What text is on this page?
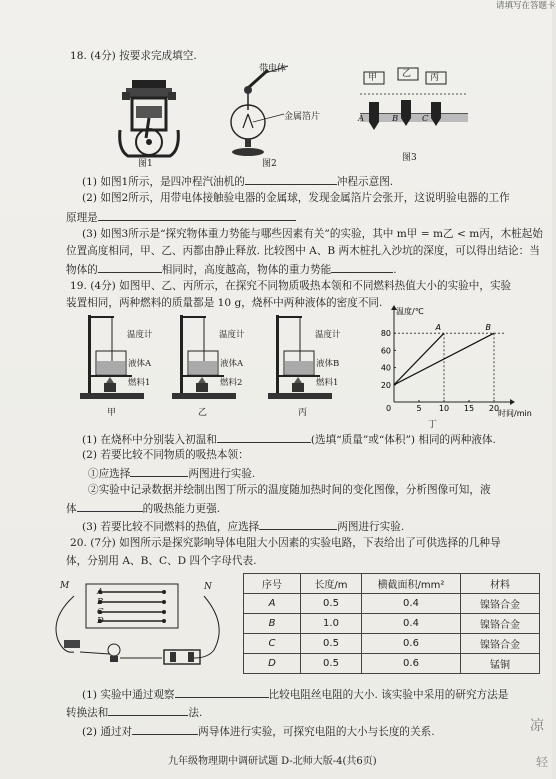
请填写在答题卡
18. (4分) 按要求完成填空.
图1
带电体
金属箔片
图2
甲	乙 丙
A	B	C
图3
(1) 如图1所示，是四冲程汽油机的	冲程示意图.
(2) 如图2所示，用带电体接触验电器的金属球，发现金属箔片会张开，这说明验电器的工作
原理是
(3) 如图3所示是“探究物体重力势能与哪些因素有关”的实验，其中 m甲 = m乙 < m丙，木桩起始
位置高度相同，甲、乙、丙都由静止释放. 比较图中 A、B 两木桩扎入沙坑的深度，可以得出结论：当
物体的	相同时，高度越高，物体的重力势能	.
19. (4分) 如图甲、乙、丙所示，在探究不同物质吸热本领和不同燃料热值大小的实验中，实验
装置相同，两种燃料的质量都是 10 g，烧杯中两种液体的密度不同.
温度计
液体A
燃料1
甲
温度计
液体A
燃料2
乙
温度计
液体B
燃料1
丙
温度/℃
时间/min
0
20
40
60
80
5 10 15 20
A	B
丁
(1) 在烧杯中分别装入初温和	(选填“质量”或“体积”) 相同的两种液体.
(2) 若要比较不同物质的吸热本领：
①应选择	两图进行实验.
②实验中记录数据并绘制出图丁所示的温度随加热时间的变化图像，分析图像可知，液
体	的吸热能力更强.
(3) 若要比较不同燃料的热值，应选择	两图进行实验.
20. (7分) 如图所示是探究影响导体电阻大小因素的实验电路，下表给出了可供选择的几种导
体，分别用 A、B、C、D 四个字母代表.
M	N
A
B
C
D
序号	长度/m	横截面积/mm²	材料
A	0.5	0.4	镍铬合金
B	1.0	0.4	镍铬合金
C	0.5	0.6	镍铬合金
D	0.5	0.6	锰铜
(1) 实验中通过观察	比较电阻丝电阻的大小. 该实验中采用的研究方法是
转换法和	法.
(2) 通过对	两导体进行实验，可探究电阻的大小与长度的关系.	凉
轻
九年级物理期中调研试题 D-北师大版-4(共6页)
